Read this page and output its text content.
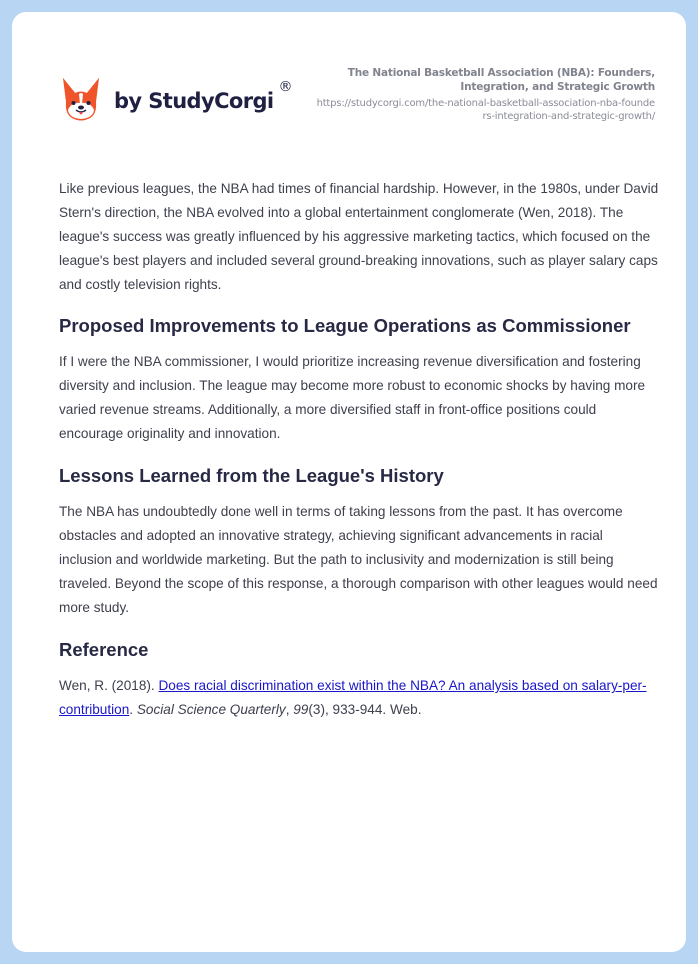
by StudyCorgi
®
The National Basketball Association (NBA): Founders, Integration, and Strategic Growth
https://studycorgi.com/the-national-basketball-association-nba-founders-integration-and-strategic-growth/

Like previous leagues, the NBA had times of financial hardship. However, in the 1980s, under David Stern's direction, the NBA evolved into a global entertainment conglomerate (Wen, 2018). The league's success was greatly influenced by his aggressive marketing tactics, which focused on the league's best players and included several ground-breaking innovations, such as player salary caps and costly television rights.

Proposed Improvements to League Operations as Commissioner

If I were the NBA commissioner, I would prioritize increasing revenue diversification and fostering diversity and inclusion. The league may become more robust to economic shocks by having more varied revenue streams. Additionally, a more diversified staff in front-office positions could encourage originality and innovation.

Lessons Learned from the League's History

The NBA has undoubtedly done well in terms of taking lessons from the past. It has overcome obstacles and adopted an innovative strategy, achieving significant advancements in racial inclusion and worldwide marketing. But the path to inclusivity and modernization is still being traveled. Beyond the scope of this response, a thorough comparison with other leagues would need more study.

Reference

Wen, R. (2018). Does racial discrimination exist within the NBA? An analysis based on salary-per-contribution. Social Science Quarterly, 99(3), 933-944. Web.
